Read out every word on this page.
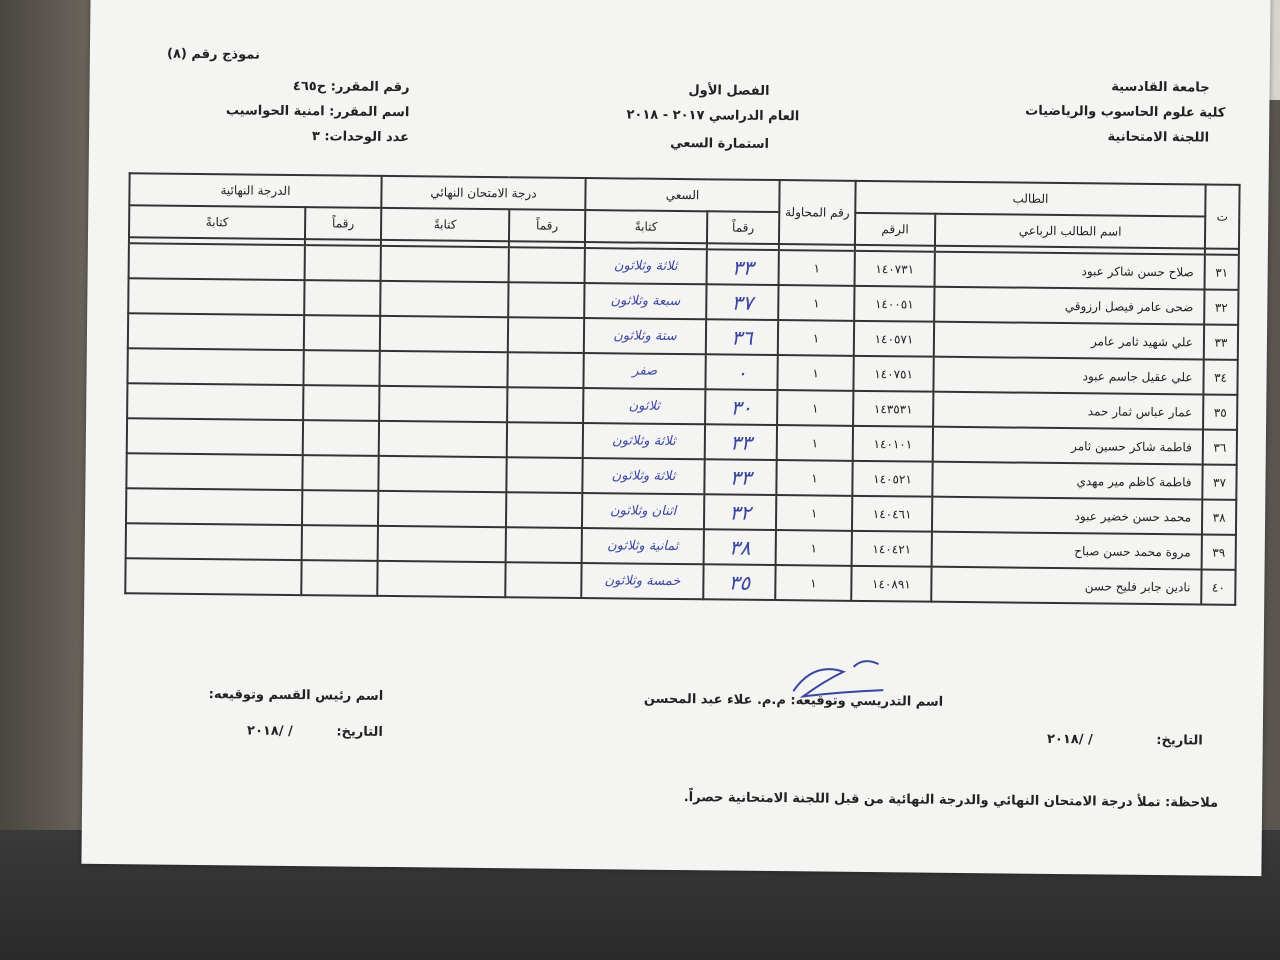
جامعة القادسية
كلية علوم الحاسوب والرياضيات
اللجنة الامتحانية
الفصل الأول
العام الدراسي ٢٠١٧ - ٢٠١٨
استمارة السعي
نموذج رقم (٨)
رقم المقرر: ح٤٦٥
اسم المقرر: امنية الحواسيب
عدد الوحدات: ٣
ت	الطالب		رقم المحاولة	السعي		درجة الامتحان النهائي		الدرجة النهائية	
	اسم الطالب الرباعي	الرقم		رقماً	كتابةً	رقماً	كتابةً	رقماً	كتابةً

٣١	صلاح حسن شاكر عبود	١٤٠٧٣١	١	٣٣	ثلاثة وثلاثون				
٣٢	ضحى عامر فيصل ارزوقي	١٤٠٠٥١	١	٣٧	سبعة وثلاثون				
٣٣	علي شهيد ثامر عامر	١٤٠٥٧١	١	٣٦	ستة وثلاثون				
٣٤	علي عقيل جاسم عبود	١٤٠٧٥١	١	٠	صفر				
٣٥	عمار عباس ثمار حمد	١٤٣٥٣١	١	٣٠	ثلاثون				
٣٦	فاطمة شاكر حسين ثامر	١٤٠١٠١	١	٣٣	ثلاثة وثلاثون				
٣٧	فاطمة كاظم مير مهدي	١٤٠٥٢١	١	٣٣	ثلاثة وثلاثون				
٣٨	محمد حسن خضير عبود	١٤٠٤٦١	١	٣٢	اثنان وثلاثون				
٣٩	مروة محمد حسن صباح	١٤٠٤٢١	١	٣٨	ثمانية وثلاثون				
٤٠	نادين جابر فليح حسن	١٤٠٨٩١	١	٣٥	خمسة وثلاثون				
اسم التدريسي وتوقيعه: م.م. علاء عبد المحسن
اسم رئيس القسم وتوقيعه:
التاريخ:
/ /٢٠١٨
التاريخ:
/ /٢٠١٨
ملاحظة: تملأ درجة الامتحان النهائي والدرجة النهائية من قبل اللجنة الامتحانية حصراً.
